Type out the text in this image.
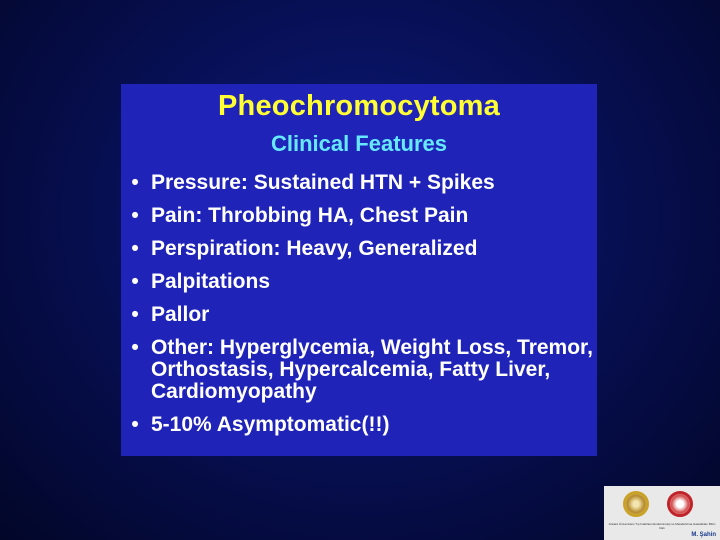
Pheochromocytoma
Clinical Features
• Pressure: Sustained HTN + Spikes
• Pain: Throbbing HA, Chest Pain
• Perspiration: Heavy, Generalized
• Palpitations
• Pallor
• Other: Hyperglycemia, Weight Loss, Tremor, Orthostasis, Hypercalcemia, Fatty Liver, Cardiomyopathy
• 5-10% Asymptomatic(!!)
Ankara Üniversitesi Tıp Fakültesi Endokrinoloji ve Metabolizma Hastalıkları Bilim Dalı
M. Şahin
